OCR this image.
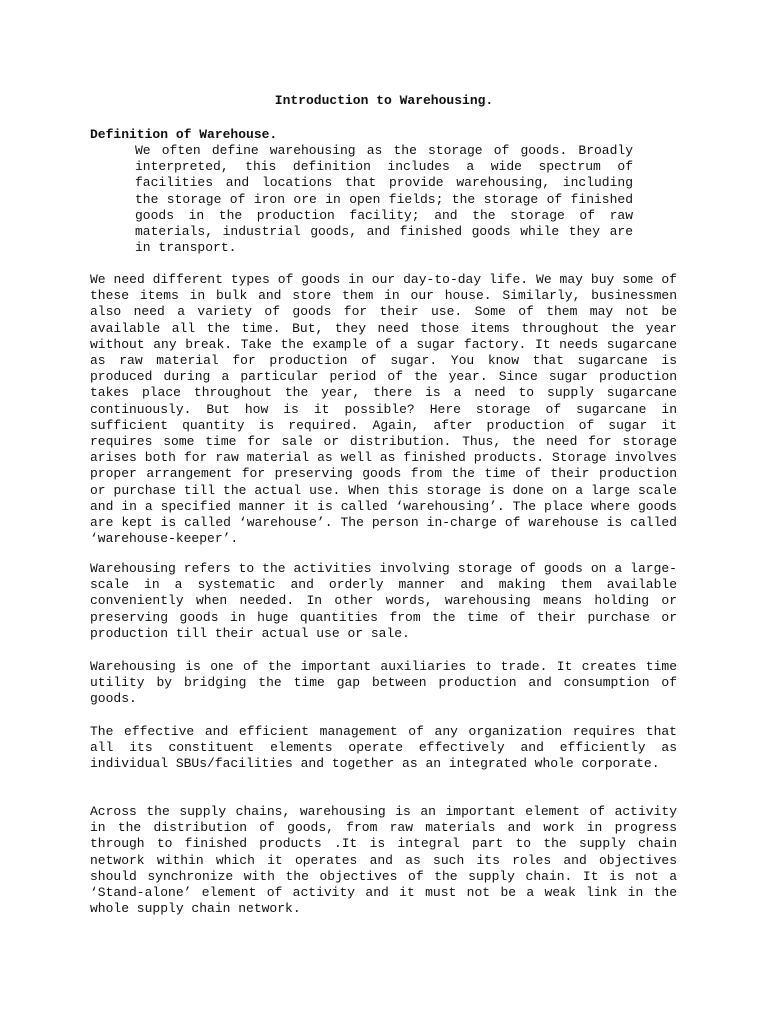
Introduction to Warehousing.
Definition of Warehouse.
We often define warehousing as the storage of goods. Broadly interpreted, this definition includes a wide spectrum of facilities and locations that provide warehousing, including the storage of iron ore in open fields; the storage of finished goods in the production facility; and the storage of raw materials, industrial goods, and finished goods while they are in transport.
We need different types of goods in our day-to-day life. We may buy some of these items in bulk and store them in our house. Similarly, businessmen also need a variety of goods for their use. Some of them may not be available all the time. But, they need those items throughout the year without any break. Take the example of a sugar factory. It needs sugarcane as raw material for production of sugar. You know that sugarcane is produced during a particular period of the year. Since sugar production takes place throughout the year, there is a need to supply sugarcane continuously. But how is it possible? Here storage of sugarcane in sufficient quantity is required. Again, after production of sugar it requires some time for sale or distribution. Thus, the need for storage arises both for raw material as well as finished products. Storage involves proper arrangement for preserving goods from the time of their production or purchase till the actual use. When this storage is done on a large scale and in a specified manner it is called ‘warehousing’. The place where goods are kept is called ‘warehouse’. The person in-charge of warehouse is called ‘warehouse-keeper’.
Warehousing refers to the activities involving storage of goods on a large-scale in a systematic and orderly manner and making them available conveniently when needed. In other words, warehousing means holding or preserving goods in huge quantities from the time of their purchase or production till their actual use or sale.
Warehousing is one of the important auxiliaries to trade. It creates time utility by bridging the time gap between production and consumption of goods.
The effective and efficient management of any organization requires that all its constituent elements operate effectively and efficiently as individual SBUs/facilities and together as an integrated whole corporate.
Across the supply chains, warehousing is an important element of activity in the distribution of goods, from raw materials and work in progress through to finished products .It is integral part to the supply chain network within which it operates and as such its roles and objectives should synchronize with the objectives of the supply chain. It is not a ‘Stand-alone’ element of activity and it must not be a weak link in the whole supply chain network.
